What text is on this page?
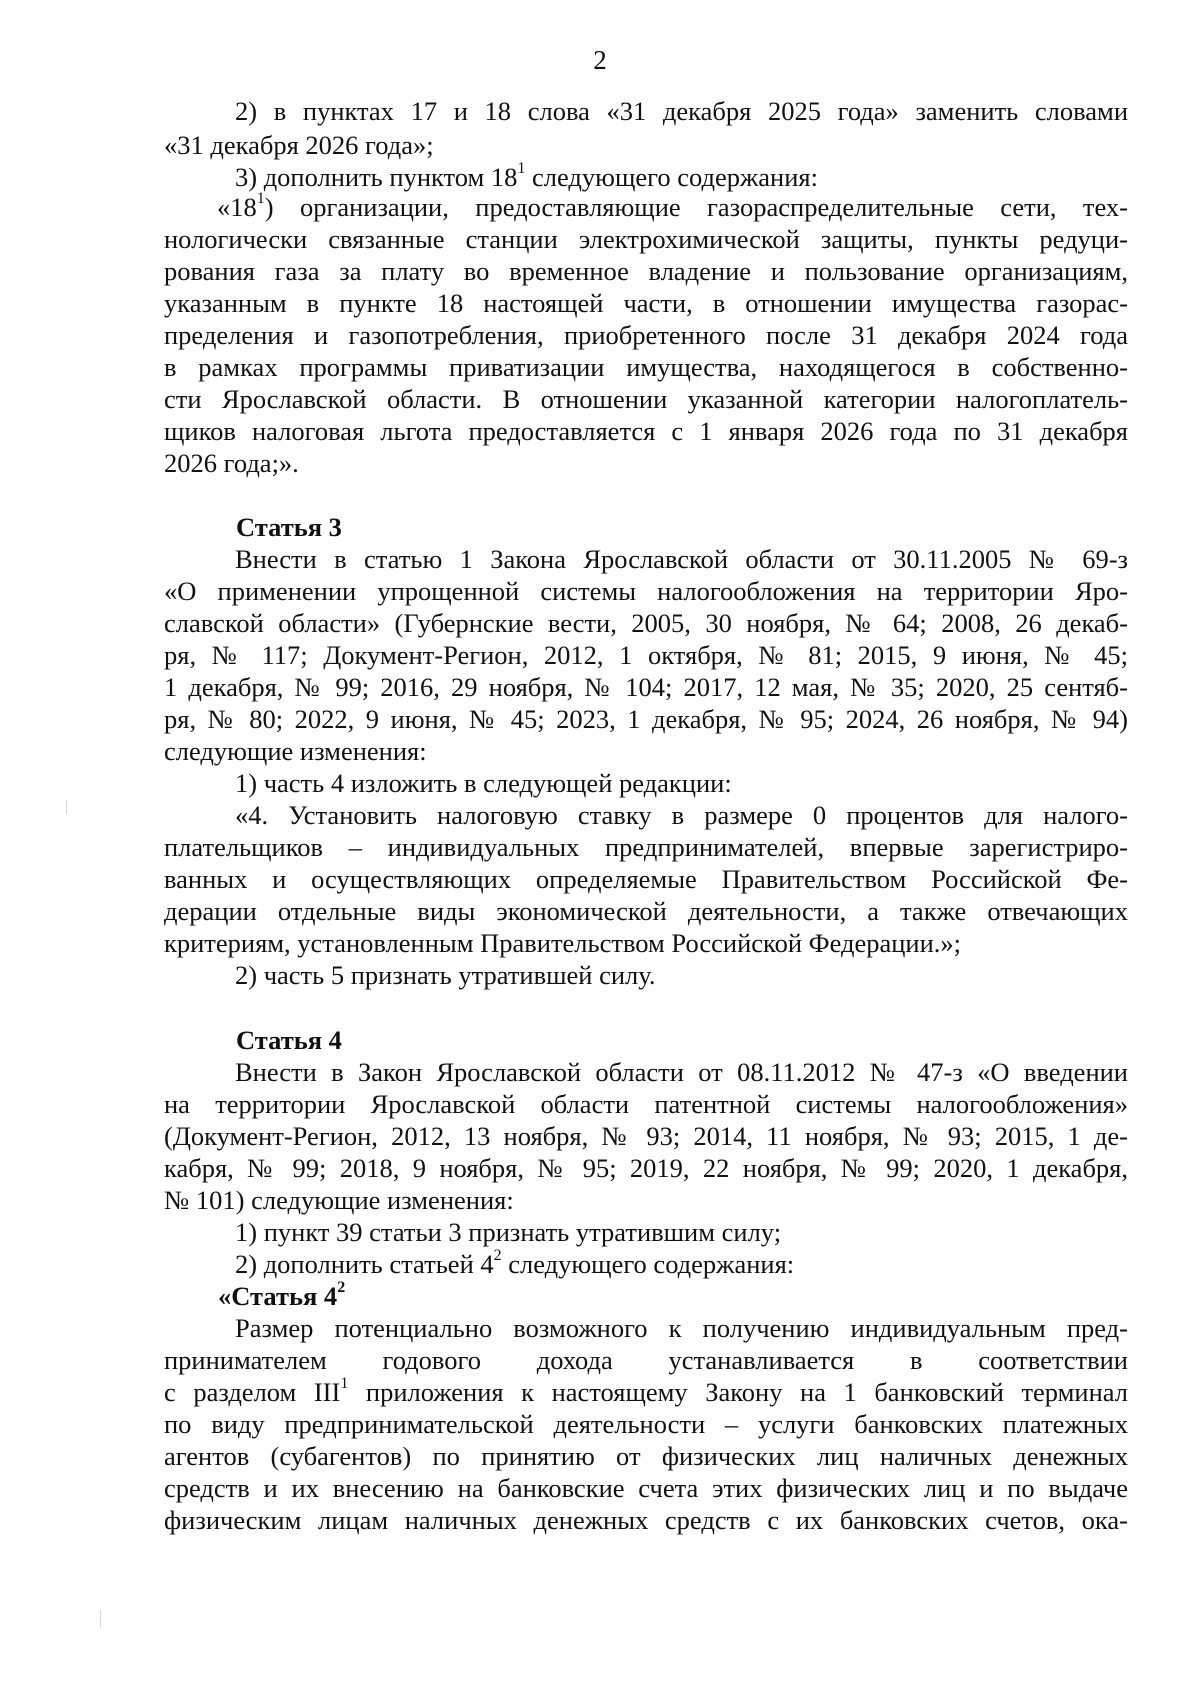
2
2) в пунктах 17 и 18 слова «31 декабря 2025 года» заменить словами
«31 декабря 2026 года»;
3) дополнить пунктом $18^1$ следующего содержания:
«$18^1$) организации, предоставляющие газораспределительные сети, тех-
нологически связанные станции электрохимической защиты, пункты редуци-
рования газа за плату во временное владение и пользование организациям,
указанным в пункте 18 настоящей части, в отношении имущества газорас-
пределения и газопотребления, приобретенного после 31 декабря 2024 года
в рамках программы приватизации имущества, находящегося в собственно-
сти Ярославской области. В отношении указанной категории налогоплатель-
щиков налоговая льгота предоставляется с 1 января 2026 года по 31 декабря
2026 года;».
Статья 3
Внести в статью 1 Закона Ярославской области от 30.11.2005 № 69-з
«О применении упрощенной системы налогообложения на территории Яро-
славской области» (Губернские вести, 2005, 30 ноября, № 64; 2008, 26 декаб-
ря, № 117; Документ-Регион, 2012, 1 октября, № 81; 2015, 9 июня, № 45;
1 декабря, № 99; 2016, 29 ноября, № 104; 2017, 12 мая, № 35; 2020, 25 сентяб-
ря, № 80; 2022, 9 июня, № 45; 2023, 1 декабря, № 95; 2024, 26 ноября, № 94)
следующие изменения:
1) часть 4 изложить в следующей редакции:
«4. Установить налоговую ставку в размере 0 процентов для налого-
плательщиков – индивидуальных предпринимателей, впервые зарегистриро-
ванных и осуществляющих определяемые Правительством Российской Фе-
дерации отдельные виды экономической деятельности, а также отвечающих
критериям, установленным Правительством Российской Федерации.»;
2) часть 5 признать утратившей силу.
Статья 4
Внести в Закон Ярославской области от 08.11.2012 № 47-з «О введении
на территории Ярославской области патентной системы налогообложения»
(Документ-Регион, 2012, 13 ноября, № 93; 2014, 11 ноября, № 93; 2015, 1 де-
кабря, № 99; 2018, 9 ноября, № 95; 2019, 22 ноября, № 99; 2020, 1 декабря,
№ 101) следующие изменения:
1) пункт 39 статьи 3 признать утратившим силу;
2) дополнить статьей $4^2$ следующего содержания:
«Статья $4^2$
Размер потенциально возможного к получению индивидуальным пред-
принимателем годового дохода устанавливается в соответствии
с разделом III$^1$ приложения к настоящему Закону на 1 банковский терминал
по виду предпринимательской деятельности – услуги банковских платежных
агентов (субагентов) по принятию от физических лиц наличных денежных
средств и их внесению на банковские счета этих физических лиц и по выдаче
физическим лицам наличных денежных средств с их банковских счетов, ока-
